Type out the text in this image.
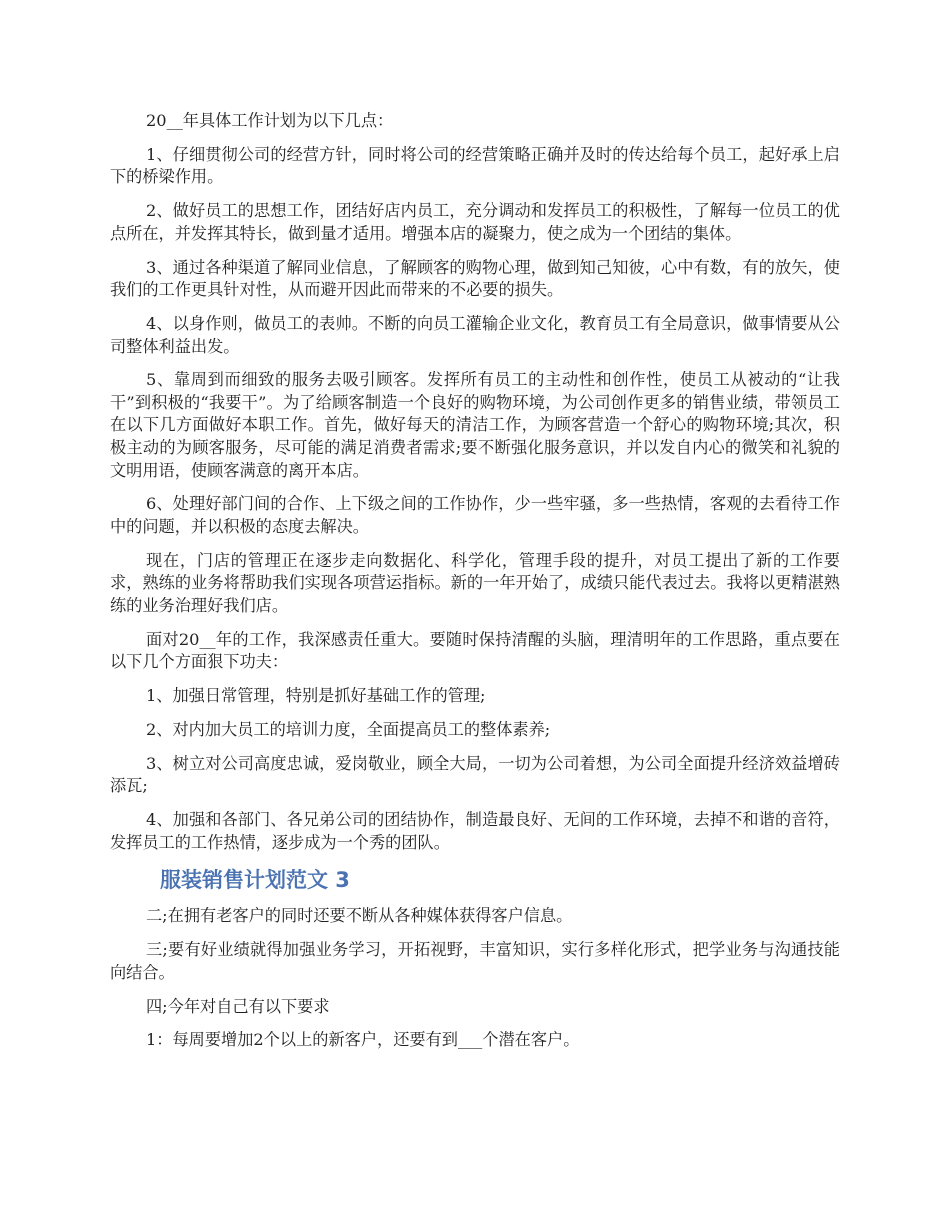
20__年具体工作计划为以下几点：

1、仔细贯彻公司的经营方针，同时将公司的经营策略正确并及时的传达给每个员工，起好承上启下的桥梁作用。

2、做好员工的思想工作，团结好店内员工，充分调动和发挥员工的积极性，了解每一位员工的优点所在，并发挥其特长，做到量才适用。增强本店的凝聚力，使之成为一个团结的集体。

3、通过各种渠道了解同业信息，了解顾客的购物心理，做到知己知彼，心中有数，有的放矢，使我们的工作更具针对性，从而避开因此而带来的不必要的损失。

4、以身作则，做员工的表帅。不断的向员工灌输企业文化，教育员工有全局意识，做事情要从公司整体利益出发。

5、靠周到而细致的服务去吸引顾客。发挥所有员工的主动性和创作性，使员工从被动的“让我干”到积极的“我要干”。为了给顾客制造一个良好的购物环境，为公司创作更多的销售业绩，带领员工在以下几方面做好本职工作。首先，做好每天的清洁工作，为顾客营造一个舒心的购物环境;其次，积极主动的为顾客服务，尽可能的满足消费者需求;要不断强化服务意识，并以发自内心的微笑和礼貌的文明用语，使顾客满意的离开本店。

6、处理好部门间的合作、上下级之间的工作协作，少一些牢骚，多一些热情，客观的去看待工作中的问题，并以积极的态度去解决。

现在，门店的管理正在逐步走向数据化、科学化，管理手段的提升，对员工提出了新的工作要求，熟练的业务将帮助我们实现各项营运指标。新的一年开始了，成绩只能代表过去。我将以更精湛熟练的业务治理好我们店。

面对20__年的工作，我深感责任重大。要随时保持清醒的头脑，理清明年的工作思路，重点要在以下几个方面狠下功夫：

1、加强日常管理，特别是抓好基础工作的管理;

2、对内加大员工的培训力度，全面提高员工的整体素养;

3、树立对公司高度忠诚，爱岗敬业，顾全大局，一切为公司着想，为公司全面提升经济效益增砖添瓦;

4、加强和各部门、各兄弟公司的团结协作，制造最良好、无间的工作环境，去掉不和谐的音符，发挥员工的工作热情，逐步成为一个秀的团队。

服装销售计划范文 3

二;在拥有老客户的同时还要不断从各种媒体获得客户信息。

三;要有好业绩就得加强业务学习，开拓视野，丰富知识，实行多样化形式，把学业务与沟通技能向结合。

四;今年对自己有以下要求

1：每周要增加2个以上的新客户，还要有到___个潜在客户。
